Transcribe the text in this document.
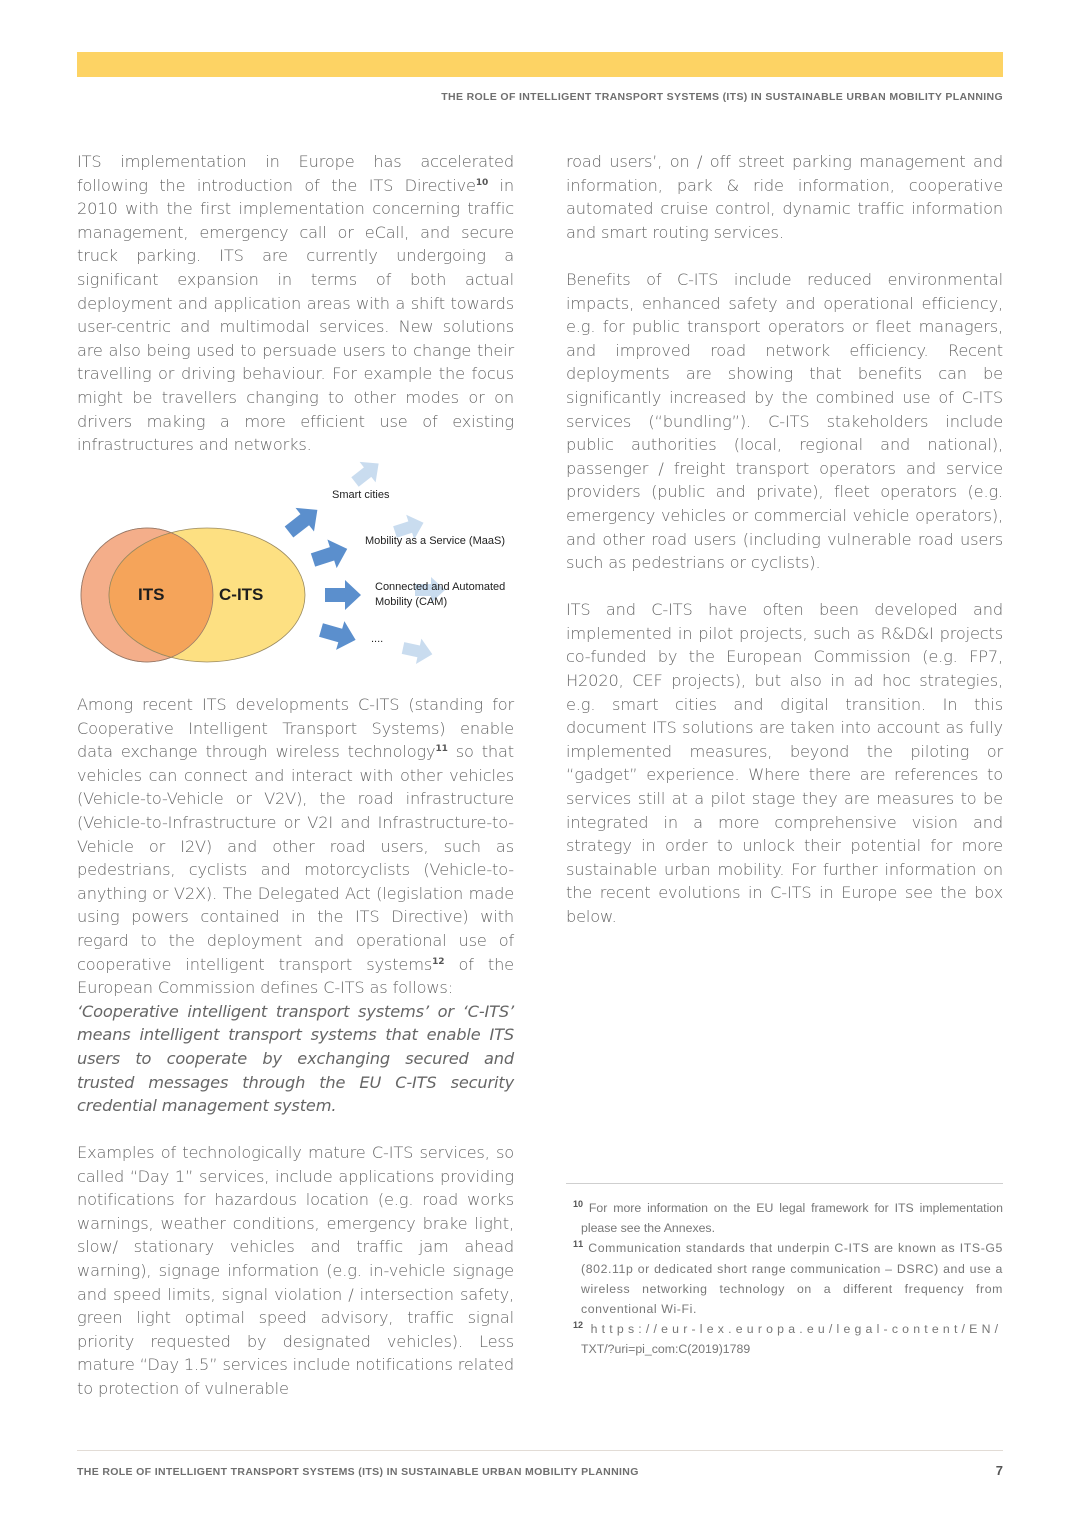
THE ROLE OF INTELLIGENT TRANSPORT SYSTEMS (ITS) IN SUSTAINABLE URBAN MOBILITY PLANNING

ITS implementation in Europe has accelerated following the introduction of the ITS Directive$^{10}$ in 2010 with the first implementation concerning traffic management, emergency call or eCall, and secure truck parking. ITS are currently undergoing a significant expansion in terms of both actual deployment and application areas with a shift towards user-centric and multimodal services. New solutions are also being used to persuade users to change their travelling or driving behaviour. For example the focus might be travellers changing to other modes or on drivers making a more efficient use of existing infrastructures and networks.

ITS	C-ITS
Smart cities
Mobility as a Service (MaaS)
Connected and Automated
Mobility (CAM)
....

Among recent ITS developments C-ITS (standing for Cooperative Intelligent Transport Systems) enable data exchange through wireless technology$^{11}$ so that vehicles can connect and interact with other vehicles (Vehicle-to-Vehicle or V2V), the road infrastructure (Vehicle-to-Infrastructure or V2I and Infrastructure-to-Vehicle or I2V) and other road users, such as pedestrians, cyclists and motorcyclists (Vehicle-to-anything or V2X). The Delegated Act (legislation made using powers contained in the ITS Directive) with regard to the deployment and operational use of cooperative intelligent transport systems$^{12}$ of the European Commission defines C-ITS as follows:

‘Cooperative intelligent transport systems’ or ‘C-ITS’ means intelligent transport systems that enable ITS users to cooperate by exchanging secured and trusted messages through the EU C-ITS security credential management system.

Examples of technologically mature C-ITS services, so called “Day 1” services, include applications providing notifications for hazardous location (e.g. road works warnings, weather conditions, emergency brake light, slow/ stationary vehicles and traffic jam ahead warning), signage information (e.g. in-vehicle signage and speed limits, signal violation / intersection safety, green light optimal speed advisory, traffic signal priority requested by designated vehicles). Less mature “Day 1.5” services include notifications related to protection of vulnerable

road users’, on / off street parking management and information, park & ride information, cooperative automated cruise control, dynamic traffic information and smart routing services.

Benefits of C-ITS include reduced environmental impacts, enhanced safety and operational efficiency, e.g. for public transport operators or fleet managers, and improved road network efficiency. Recent deployments are showing that benefits can be significantly increased by the combined use of C-ITS services (“bundling”). C-ITS stakeholders include public authorities (local, regional and national), passenger / freight transport operators and service providers (public and private), fleet operators (e.g. emergency vehicles or commercial vehicle operators), and other road users (including vulnerable road users such as pedestrians or cyclists).

ITS and C-ITS have often been developed and implemented in pilot projects, such as R&D&I projects co-funded by the European Commission (e.g. FP7, H2020, CEF projects), but also in ad hoc strategies, e.g. smart cities and digital transition. In this document ITS solutions are taken into account as fully implemented measures, beyond the piloting or “gadget” experience. Where there are references to services still at a pilot stage they are measures to be integrated in a more comprehensive vision and strategy in order to unlock their potential for more sustainable urban mobility. For further information on the recent evolutions in C-ITS in Europe see the box below.

$^{10}$ For more information on the EU legal framework for ITS implementation please see the Annexes.

$^{11}$ Communication standards that underpin C-ITS are known as ITS-G5 (802.11p or dedicated short range communication – DSRC) and use a wireless networking technology on a different frequency from conventional Wi-Fi.

$^{12}$ https://eur-lex.europa.eu/legal-content/EN/
TXT/?uri=pi_com:C(2019)1789

THE ROLE OF INTELLIGENT TRANSPORT SYSTEMS (ITS) IN SUSTAINABLE URBAN MOBILITY PLANNING	7
